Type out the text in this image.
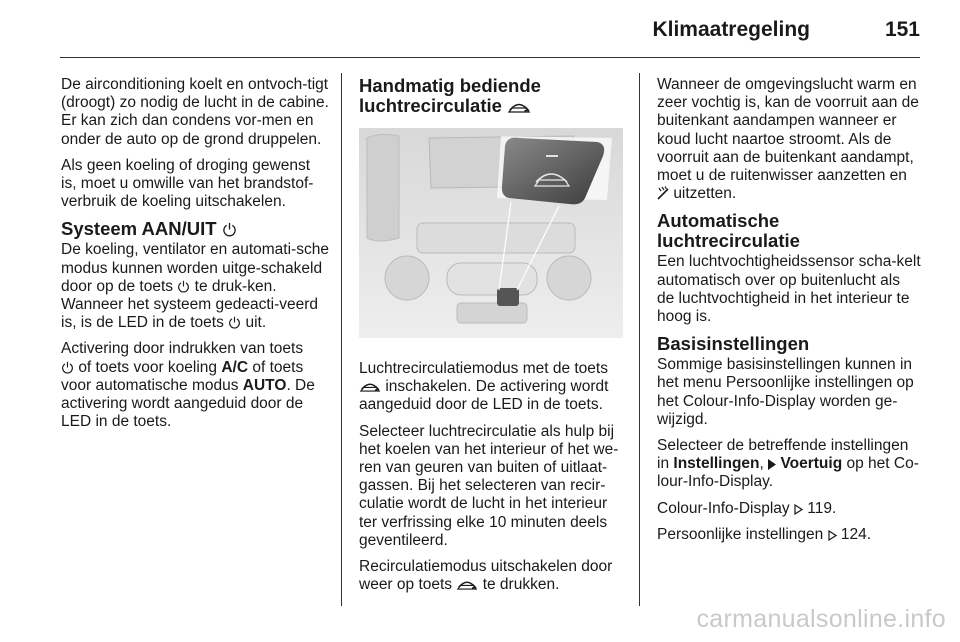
Klimaatregeling	151

De airconditioning koelt en ontvoch-tigt (droogt) zo nodig de lucht in de cabine. Er kan zich dan condens vor-men en onder de auto op de grond druppelen.

Als geen koeling of droging gewenst is, moet u omwille van het brandstof-verbruik de koeling uitschakelen.

Systeem AAN/UIT

De koeling, ventilator en automati-sche modus kunnen worden uitge-schakeld door op de toets te druk-ken. Wanneer het systeem gedeacti-veerd is, is de LED in de toets uit.

Activering door indrukken van toets
of toets voor koeling A/C of toets voor automatische modus AUTO. De activering wordt aangeduid door de LED in de toets.

Handmatig bediende luchtrecirculatie

Luchtrecirculatiemodus met de toets  inschakelen. De activering wordt aangeduid door de LED in de toets.

Selecteer luchtrecirculatie als hulp bij het koelen van het interieur of het we-ren van geuren van buiten of uitlaat-gassen. Bij het selecteren van recir-culatie wordt de lucht in het interieur ter verfrissing elke 10 minuten deels geventileerd.

Recirculatiemodus uitschakelen door weer op toets te drukken.

Wanneer de omgevingslucht warm en zeer vochtig is, kan de voorruit aan de buitenkant aandampen wanneer er koud lucht naartoe stroomt. Als de voorruit aan de buitenkant aandampt, moet u de ruitenwisser aanzetten en
uitzetten.

Automatische luchtrecirculatie

Een luchtvochtigheidssensor scha-kelt automatisch over op buitenlucht als de luchtvochtigheid in het interieur te hoog is.

Basisinstellingen

Sommige basisinstellingen kunnen in het menu Persoonlijke instellingen op het Colour-Info-Display worden ge-wijzigd.

Selecteer de betreffende instellingen in Instellingen, Voertuig op het Co-lour-Info-Display.

Colour-Info-Display 119.

Persoonlijke instellingen 124.

carmanualsonline.info
